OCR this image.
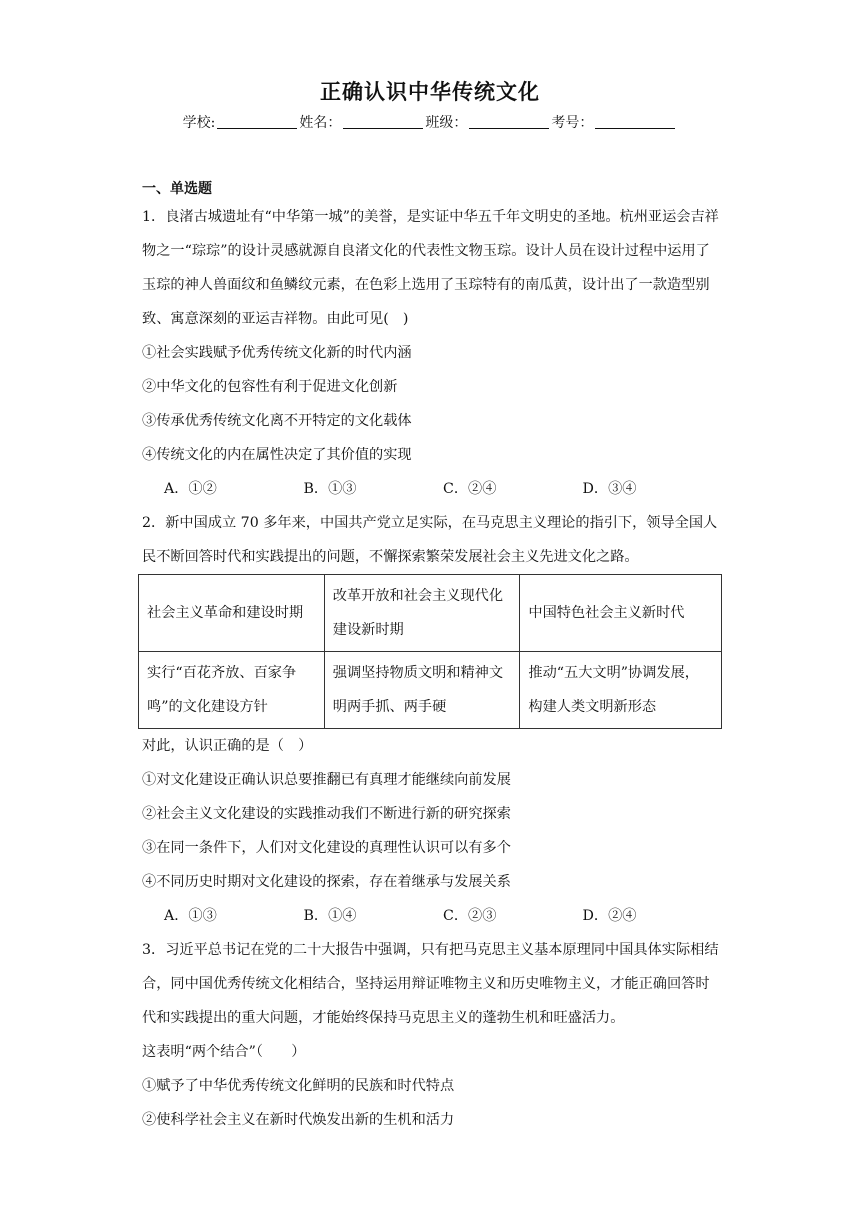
正确认识中华传统文化
学校:	姓名：	班级：	考号：
一、单选题
1．良渚古城遗址有“中华第一城”的美誉，是实证中华五千年文明史的圣地。杭州亚运会吉祥物之一“琮琮”的设计灵感就源自良渚文化的代表性文物玉琮。设计人员在设计过程中运用了玉琮的神人兽面纹和鱼鳞纹元素，在色彩上选用了玉琮特有的南瓜黄，设计出了一款造型别致、寓意深刻的亚运吉祥物。由此可见(　)
①社会实践赋予优秀传统文化新的时代内涵
②中华文化的包容性有利于促进文化创新
③传承优秀传统文化离不开特定的文化载体
④传统文化的内在属性决定了其价值的实现
A．①②	B．①③	C．②④	D．③④
2．新中国成立 70 多年来，中国共产党立足实际，在马克思主义理论的指引下，领导全国人民不断回答时代和实践提出的问题，不懈探索繁荣发展社会主义先进文化之路。
社会主义革命和建设时期	改革开放和社会主义现代化建设新时期	中国特色社会主义新时代
实行“百花齐放、百家争鸣”的文化建设方针	强调坚持物质文明和精神文明两手抓、两手硬	推动“五大文明”协调发展，构建人类文明新形态
对此，认识正确的是（　）
①对文化建设正确认识总要推翻已有真理才能继续向前发展
②社会主义文化建设的实践推动我们不断进行新的研究探索
③在同一条件下，人们对文化建设的真理性认识可以有多个
④不同历史时期对文化建设的探索，存在着继承与发展关系
A．①③	B．①④	C．②③	D．②④
3．习近平总书记在党的二十大报告中强调，只有把马克思主义基本原理同中国具体实际相结合，同中国优秀传统文化相结合，坚持运用辩证唯物主义和历史唯物主义，才能正确回答时代和实践提出的重大问题，才能始终保持马克思主义的蓬勃生机和旺盛活力。
这表明“两个结合”（　　）
①赋予了中华优秀传统文化鲜明的民族和时代特点
②使科学社会主义在新时代焕发出新的生机和活力
